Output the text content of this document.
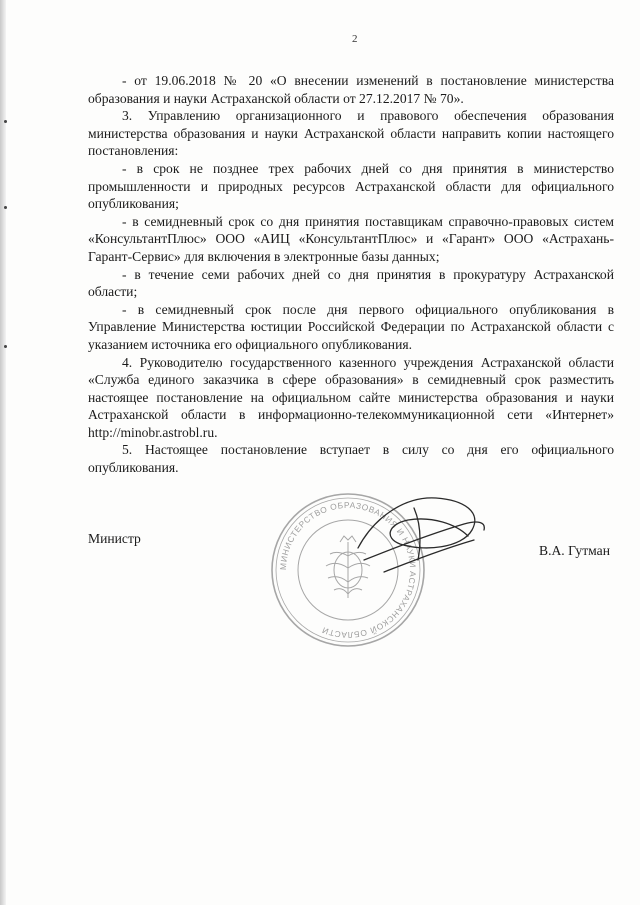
2

- от 19.06.2018 № 20 «О внесении изменений в постановление министерства образования и науки Астраханской области от 27.12.2017 № 70».

3. Управлению организационного и правового обеспечения образования министерства образования и науки Астраханской области направить копии настоящего постановления:

- в срок не позднее трех рабочих дней со дня принятия в министерство промышленности и природных ресурсов Астраханской области для официального опубликования;

- в семидневный срок со дня принятия поставщикам справочно-правовых систем «КонсультантПлюс» ООО «АИЦ «КонсультантПлюс» и «Гарант» ООО «Астрахань-Гарант-Сервис» для включения в электронные базы данных;

- в течение семи рабочих дней со дня принятия в прокуратуру Астраханской области;

- в семидневный срок после дня первого официального опубликования в Управление Министерства юстиции Российской Федерации по Астраханской области с указанием источника его официального опубликования.

4. Руководителю государственного казенного учреждения Астраханской области «Служба единого заказчика в сфере образования» в семидневный срок разместить настоящее постановление на официальном сайте министерства образования и науки Астраханской области в информационно-телекоммуникационной сети «Интернет» http://minobr.astrobl.ru.

5. Настоящее постановление вступает в силу со дня его официального опубликования.

МИНИСТЕРСТВО ОБРАЗОВАНИЯ И НАУКИ АСТРАХАНСКОЙ ОБЛАСТИ
Министр
В.А. Гутман
